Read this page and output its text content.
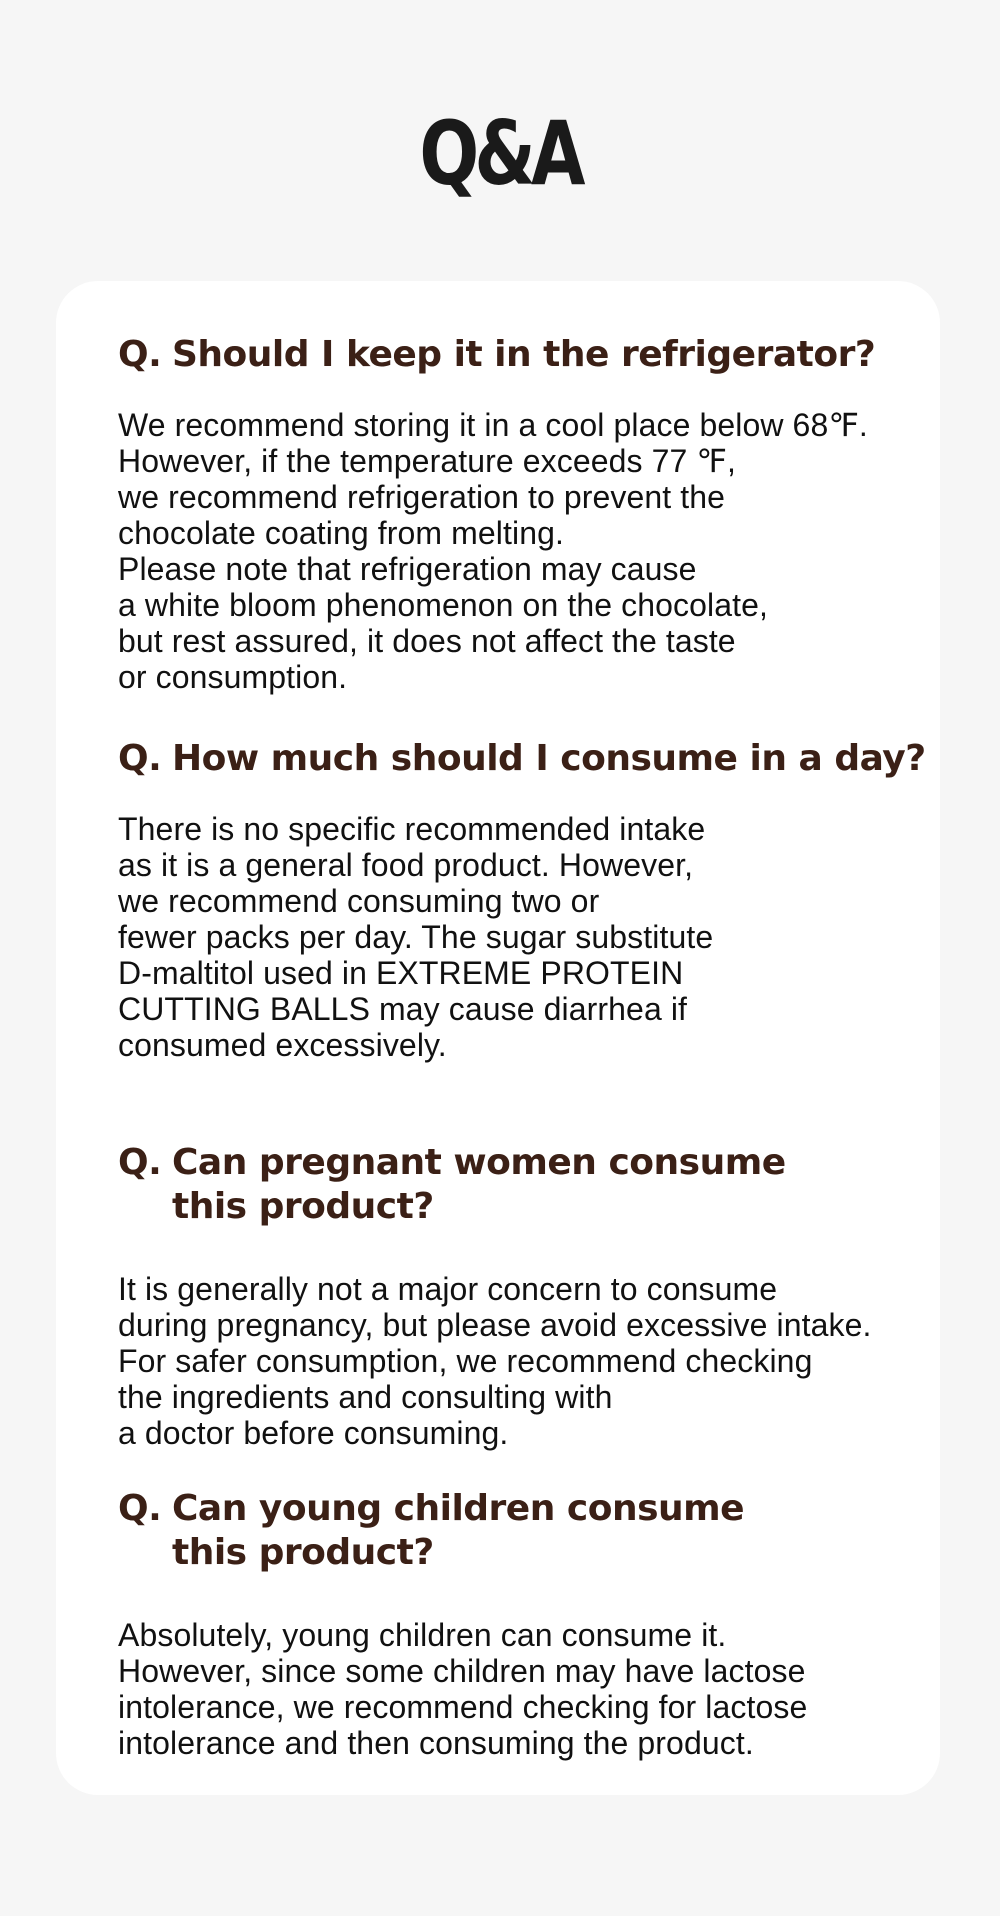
Q&A
Q. Should I keep it in the refrigerator?
We recommend storing it in a cool place below 68℉.
However, if the temperature exceeds 77 ℉,
we recommend refrigeration to prevent the
chocolate coating from melting.
Please note that refrigeration may cause
a white bloom phenomenon on the chocolate,
but rest assured, it does not affect the taste
or consumption.
Q. How much should I consume in a day?
There is no specific recommended intake
as it is a general food product. However,
we recommend consuming two or
fewer packs per day. The sugar substitute
D-maltitol used in EXTREME PROTEIN
CUTTING BALLS may cause diarrhea if
consumed excessively.
Q. Can pregnant women consume
this product?
It is generally not a major concern to consume
during pregnancy, but please avoid excessive intake.
For safer consumption, we recommend checking
the ingredients and consulting with
a doctor before consuming.
Q. Can young children consume
this product?
Absolutely, young children can consume it.
However, since some children may have lactose
intolerance, we recommend checking for lactose
intolerance and then consuming the product.
